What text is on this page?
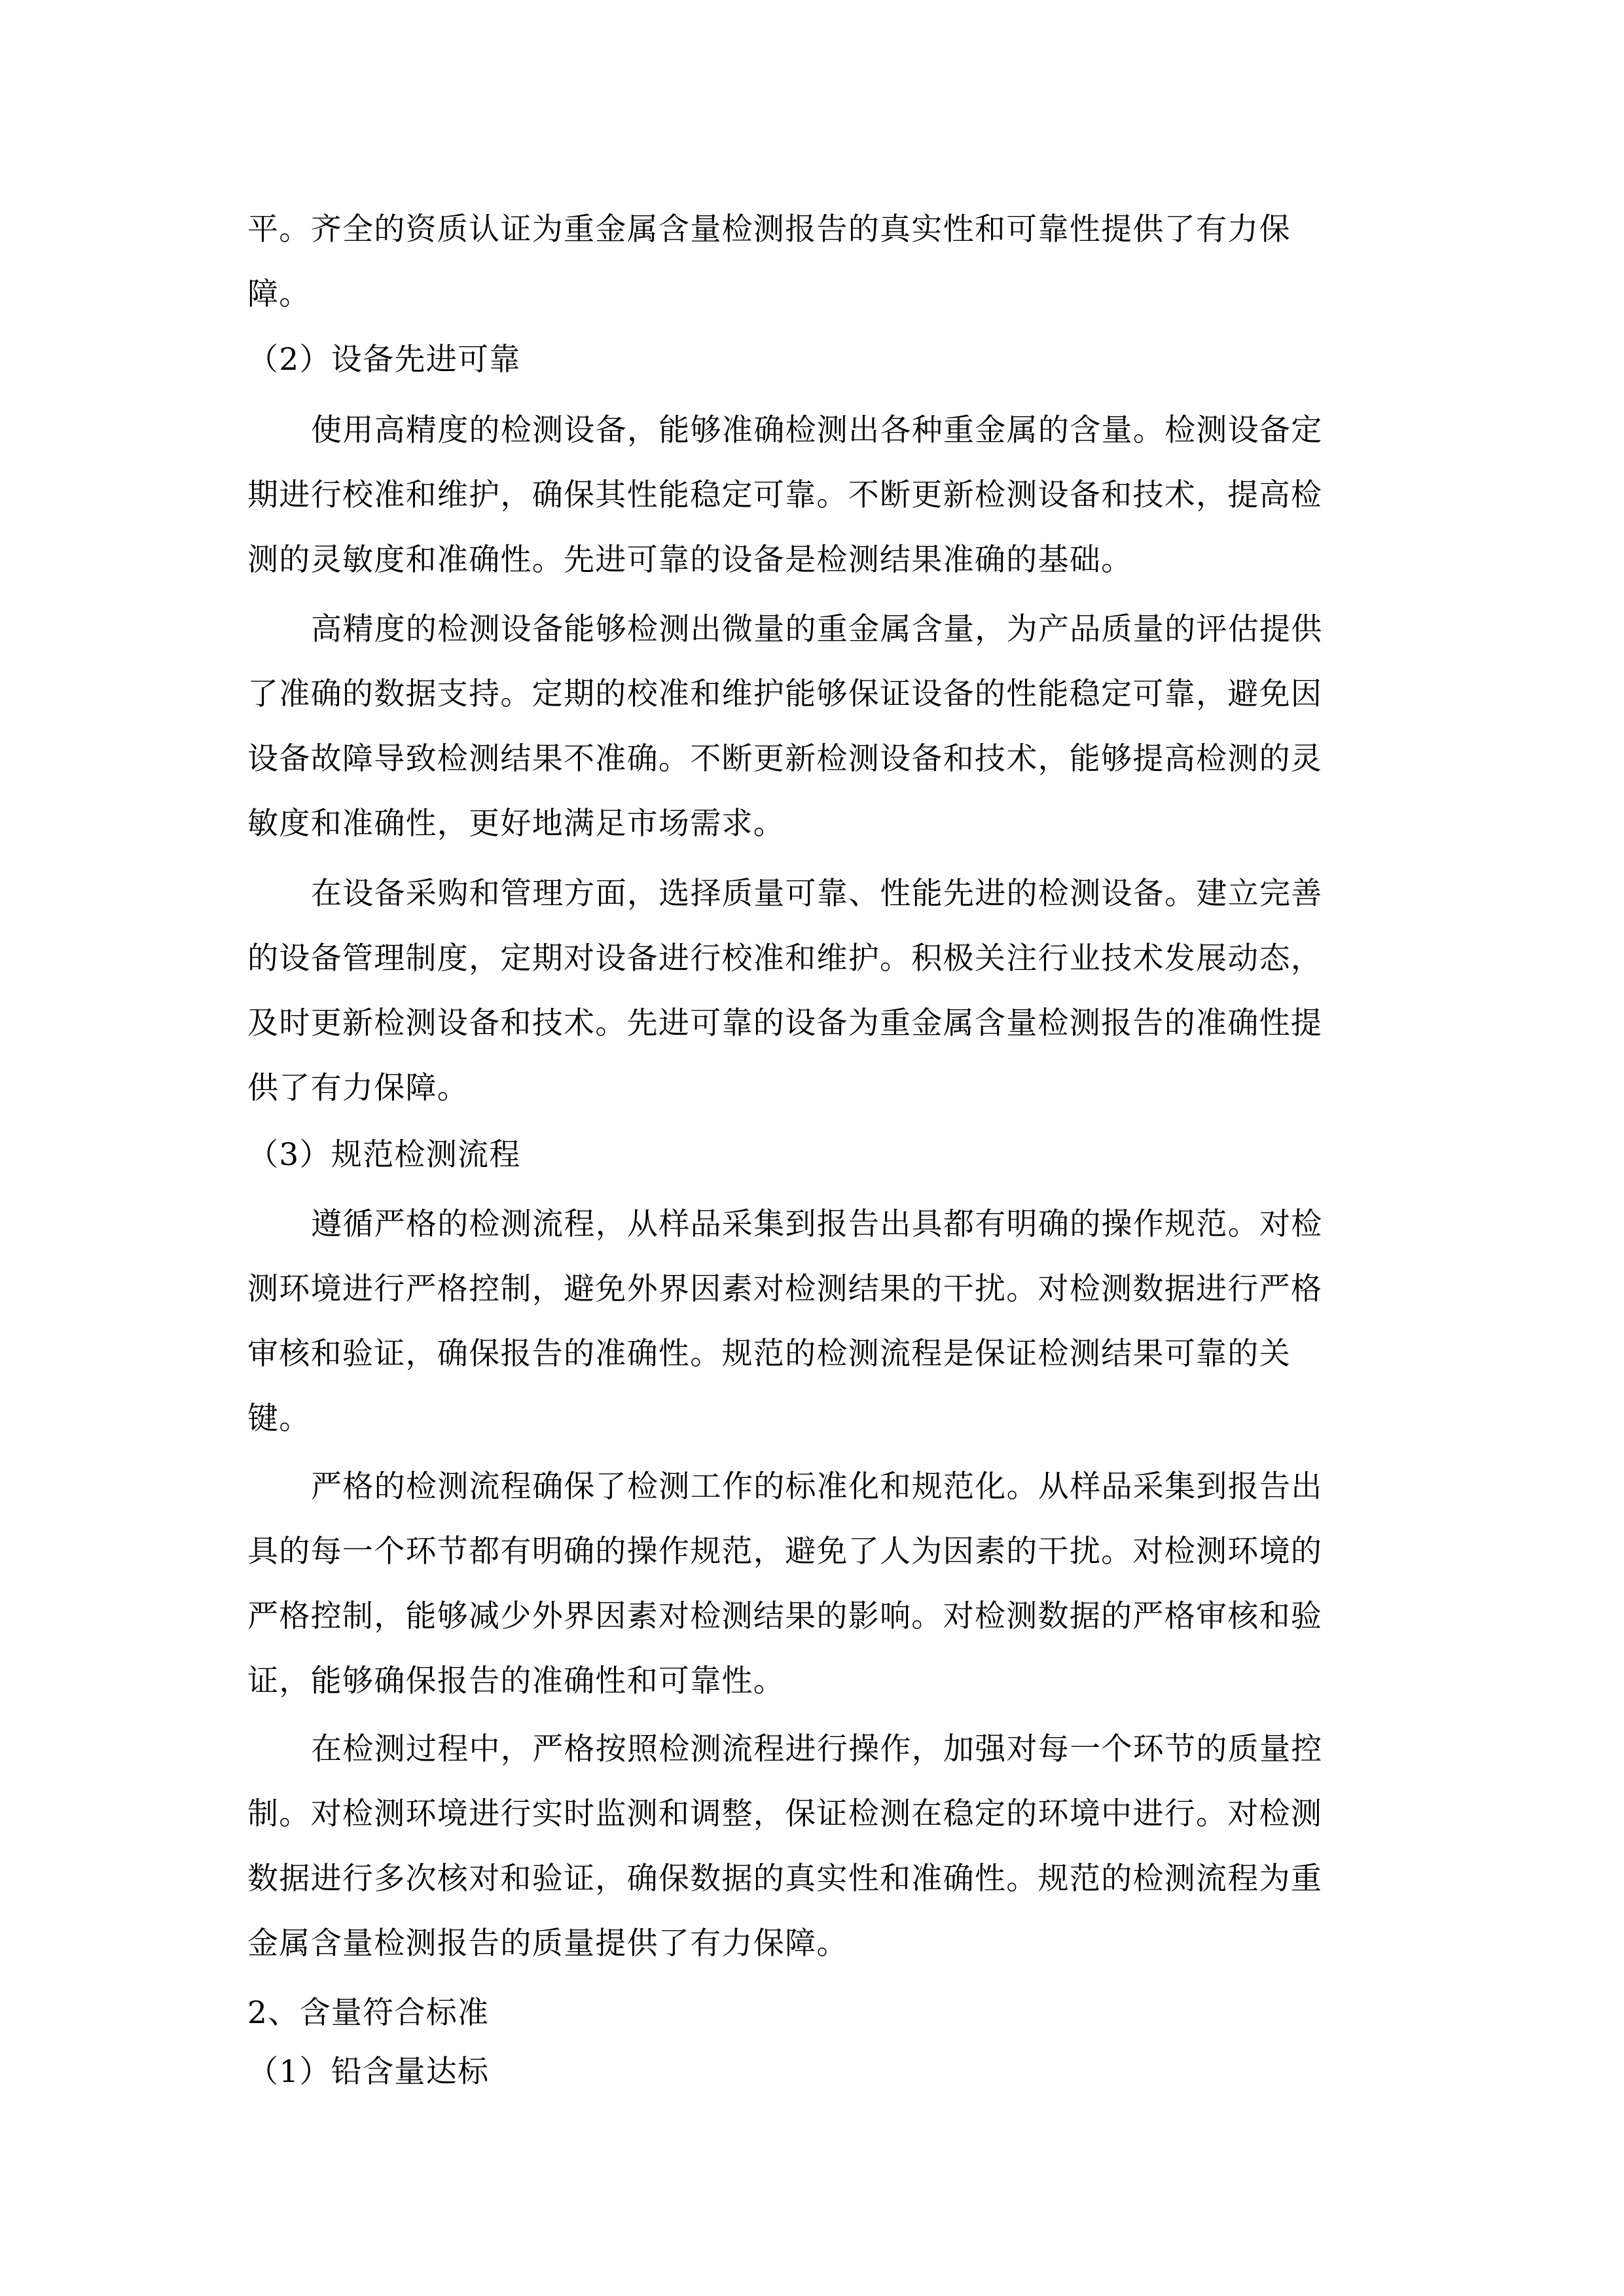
平。齐全的资质认证为重金属含量检测报告的真实性和可靠性提供了有力保
障。
（2）设备先进可靠
使用高精度的检测设备，能够准确检测出各种重金属的含量。检测设备定
期进行校准和维护，确保其性能稳定可靠。不断更新检测设备和技术，提高检
测的灵敏度和准确性。先进可靠的设备是检测结果准确的基础。
高精度的检测设备能够检测出微量的重金属含量，为产品质量的评估提供
了准确的数据支持。定期的校准和维护能够保证设备的性能稳定可靠，避免因
设备故障导致检测结果不准确。不断更新检测设备和技术，能够提高检测的灵
敏度和准确性，更好地满足市场需求。
在设备采购和管理方面，选择质量可靠、性能先进的检测设备。建立完善
的设备管理制度，定期对设备进行校准和维护。积极关注行业技术发展动态，
及时更新检测设备和技术。先进可靠的设备为重金属含量检测报告的准确性提
供了有力保障。
（3）规范检测流程
遵循严格的检测流程，从样品采集到报告出具都有明确的操作规范。对检
测环境进行严格控制，避免外界因素对检测结果的干扰。对检测数据进行严格
审核和验证，确保报告的准确性。规范的检测流程是保证检测结果可靠的关
键。
严格的检测流程确保了检测工作的标准化和规范化。从样品采集到报告出
具的每一个环节都有明确的操作规范，避免了人为因素的干扰。对检测环境的
严格控制，能够减少外界因素对检测结果的影响。对检测数据的严格审核和验
证，能够确保报告的准确性和可靠性。
在检测过程中，严格按照检测流程进行操作，加强对每一个环节的质量控
制。对检测环境进行实时监测和调整，保证检测在稳定的环境中进行。对检测
数据进行多次核对和验证，确保数据的真实性和准确性。规范的检测流程为重
金属含量检测报告的质量提供了有力保障。
2、含量符合标准
（1）铅含量达标
